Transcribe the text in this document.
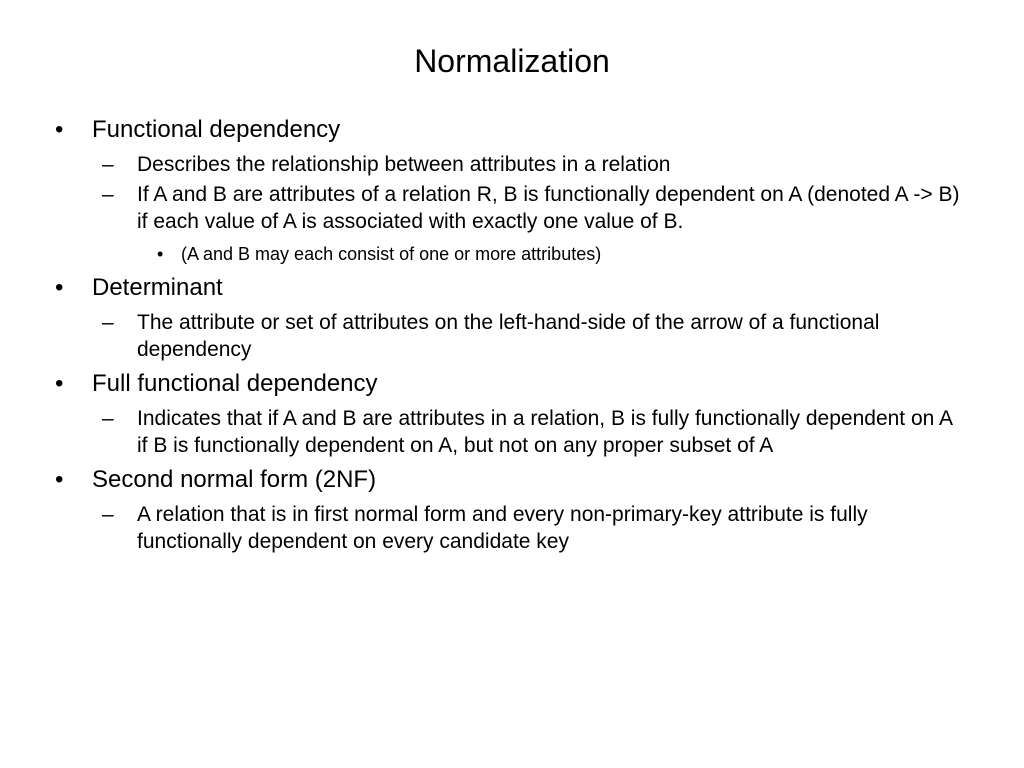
Normalization
• Functional dependency
– Describes the relationship between attributes in a relation
– If A and B are attributes of a relation R, B is functionally dependent on A (denoted A -> B) if each value of A is associated with exactly one value of B.
• (A and B may each consist of one or more attributes)
• Determinant
– The attribute or set of attributes on the left-hand-side of the arrow of a functional dependency
• Full functional dependency
– Indicates that if A and B are attributes in a relation, B is fully functionally dependent on A if B is functionally dependent on A, but not on any proper subset of A
• Second normal form (2NF)
– A relation that is in first normal form and every non-primary-key attribute is fully functionally dependent on every candidate key
